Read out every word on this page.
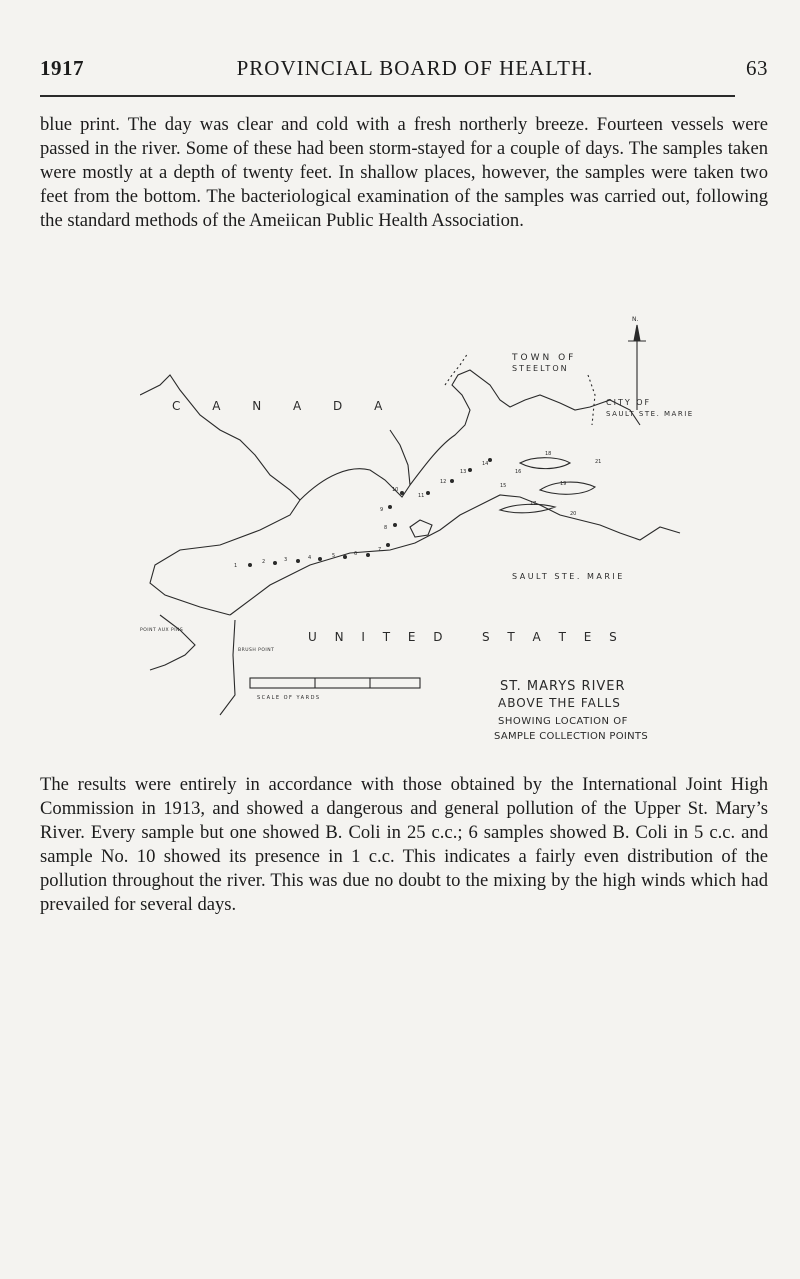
1917	PROVINCIAL BOARD OF HEALTH.	63

blue print. The day was clear and cold with a fresh northerly breeze. Fourteen vessels were passed in the river. Some of these had been storm-stayed for a couple of days. The samples taken were mostly at a depth of twenty feet. In shallow places, however, the samples were taken two feet from the bottom. The bacteriological examination of the samples was carried out, following the standard methods of the Ameiican Public Health Association.

TOWN OF
STEELTON
C A N A D A	CITY OF
SAULT STE. MARIE
SAULT STE. MARIE
U N I T E D   S T A T E S
POINT AUX PINS
BRUSH POINT
SCALE OF YARDS
ST. MARYS RIVER
ABOVE THE FALLS
SHOWING LOCATION OF
SAMPLE COLLECTION POINTS
N.
1
2	3	4	5	6
7
8
9
10
11
12
13
14
15
16
17
18
19
20
21

The results were entirely in accordance with those obtained by the International Joint High Commission in 1913, and showed a dangerous and general pollution of the Upper St. Mary’s River. Every sample but one showed B. Coli in 25 c.c.; 6 samples showed B. Coli in 5 c.c. and sample No. 10 showed its presence in 1 c.c. This indicates a fairly even distribution of the pollution throughout the river. This was due no doubt to the mixing by the high winds which had prevailed for several days.
